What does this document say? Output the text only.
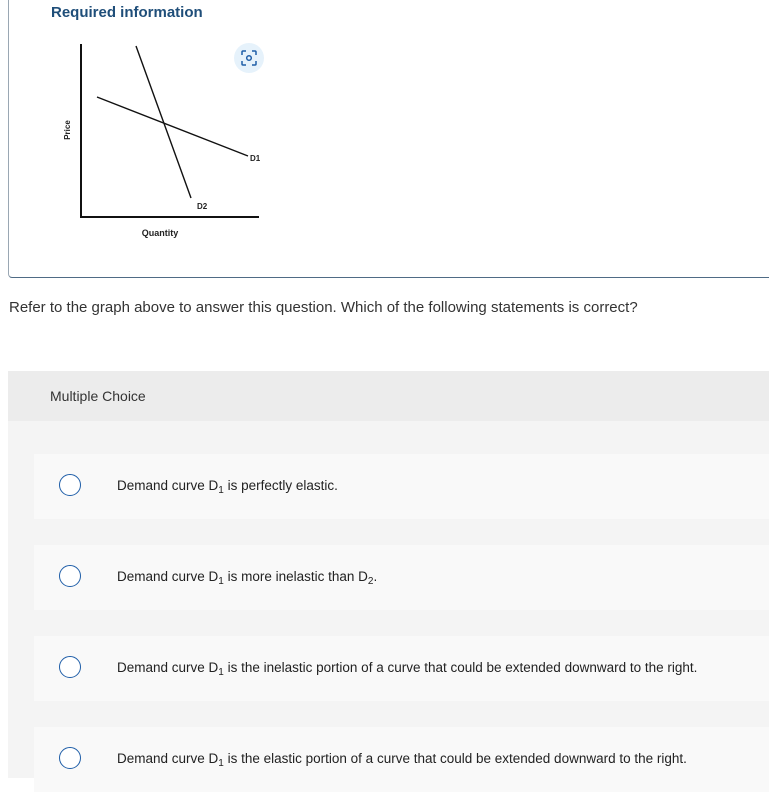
Required information
Price
Quantity
D1
D2
Refer to the graph above to answer this question. Which of the following statements is correct?
Multiple Choice
Demand curve $D_1$ is perfectly elastic.
Demand curve $D_1$ is more inelastic than $D_2$.
Demand curve $D_1$ is the inelastic portion of a curve that could be extended downward to the right.
Demand curve $D_1$ is the elastic portion of a curve that could be extended downward to the right.
